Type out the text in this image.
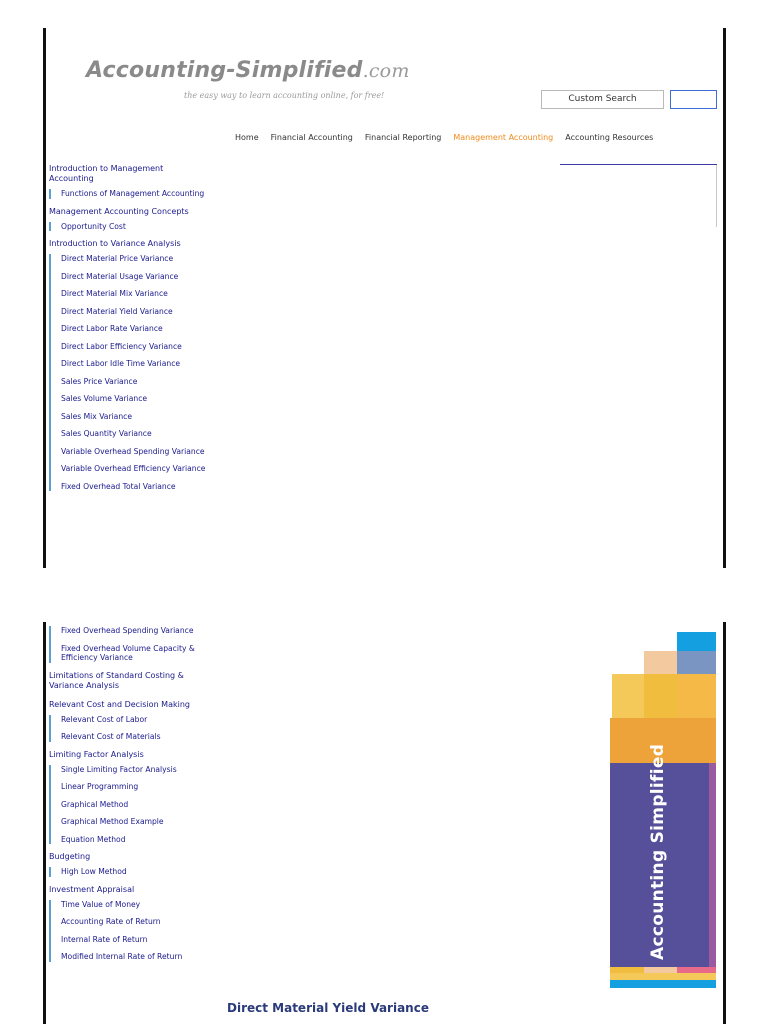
Accounting-Simplified.com
the easy way to learn accounting online, for free!	Custom Search
Home Financial Accounting Financial Reporting Management Accounting Accounting Resources
Introduction to Management Accounting
Functions of Management Accounting
Management Accounting Concepts
Opportunity Cost
Introduction to Variance Analysis
Direct Material Price Variance
Direct Material Usage Variance
Direct Material Mix Variance
Direct Material Yield Variance
Direct Labor Rate Variance
Direct Labor Efficiency Variance
Direct Labor Idle Time Variance
Sales Price Variance
Sales Volume Variance
Sales Mix Variance
Sales Quantity Variance
Variable Overhead Spending Variance
Variable Overhead Efficiency Variance
Fixed Overhead Total Variance
Fixed Overhead Spending Variance
Fixed Overhead Volume Capacity & Efficiency Variance
Limitations of Standard Costing & Variance Analysis
Relevant Cost and Decision Making
Relevant Cost of Labor
Relevant Cost of Materials
Limiting Factor Analysis
Single Limiting Factor Analysis
Linear Programming
Graphical Method
Graphical Method Example
Equation Method
Budgeting
High Low Method
Investment Appraisal
Time Value of Money
Accounting Rate of Return
Internal Rate of Return
Modified Internal Rate of Return	Accounting Simplified
Direct Material Yield Variance
